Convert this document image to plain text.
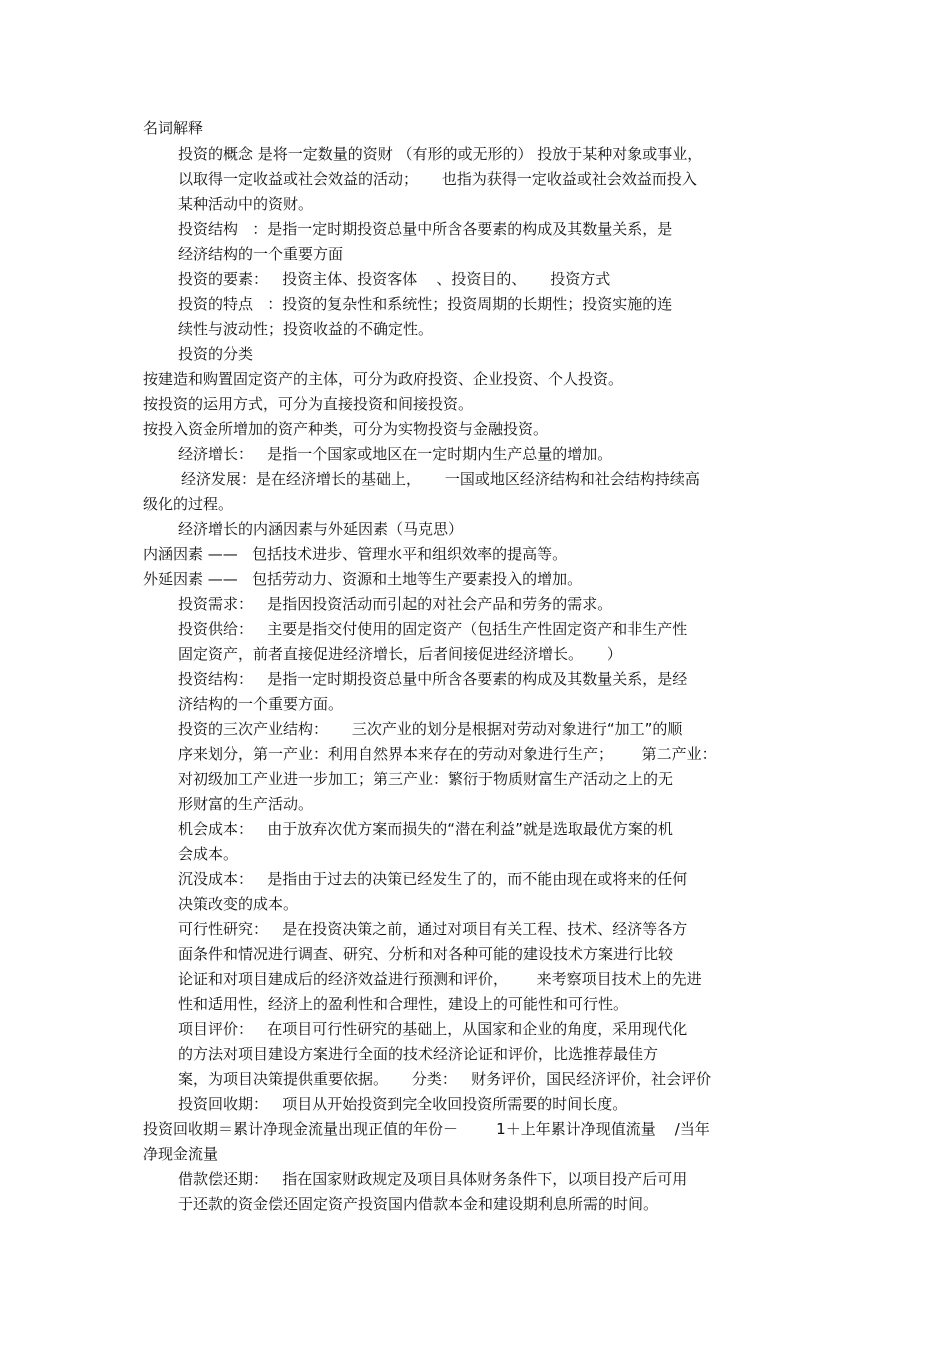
名词解释
投资的概念 是将一定数量的资财 （有形的或无形的） 投放于某种对象或事业，
以取得一定收益或社会效益的活动；     也指为获得一定收益或社会效益而投入
某种活动中的资财。
投资结构   ：是指一定时期投资总量中所含各要素的构成及其数量关系，是
经济结构的一个重要方面
投资的要素：   投资主体、投资客体    、投资目的、     投资方式
投资的特点   ：投资的复杂性和系统性；投资周期的长期性；投资实施的连
续性与波动性；投资收益的不确定性。
投资的分类
按建造和购置固定资产的主体，可分为政府投资、企业投资、个人投资。
按投资的运用方式，可分为直接投资和间接投资。
按投入资金所增加的资产种类，可分为实物投资与金融投资。
经济增长：   是指一个国家或地区在一定时期内生产总量的增加。
经济发展：是在经济增长的基础上，     一国或地区经济结构和社会结构持续高
级化的过程。
经济增长的内涵因素与外延因素（马克思）
内涵因素 ——   包括技术进步、管理水平和组织效率的提高等。
外延因素 ——   包括劳动力、资源和土地等生产要素投入的增加。
投资需求：   是指因投资活动而引起的对社会产品和劳务的需求。
投资供给：   主要是指交付使用的固定资产（包括生产性固定资产和非生产性
固定资产，前者直接促进经济增长，后者间接促进经济增长。     ）
投资结构：   是指一定时期投资总量中所含各要素的构成及其数量关系，是经
济结构的一个重要方面。
投资的三次产业结构：     三次产业的划分是根据对劳动对象进行“加工”的顺
序来划分，第一产业：利用自然界本来存在的劳动对象进行生产；      第二产业：
对初级加工产业进一步加工；第三产业：繁衍于物质财富生产活动之上的无
形财富的生产活动。
机会成本：   由于放弃次优方案而损失的“潜在利益”就是选取最优方案的机
会成本。
沉没成本：   是指由于过去的决策已经发生了的，而不能由现在或将来的任何
决策改变的成本。
可行性研究：   是在投资决策之前，通过对项目有关工程、技术、经济等各方
面条件和情况进行调查、研究、分析和对各种可能的建设技术方案进行比较
论证和对项目建成后的经济效益进行预测和评价，      来考察项目技术上的先进
性和适用性，经济上的盈利性和合理性，建设上的可能性和可行性。
项目评价：   在项目可行性研究的基础上，从国家和企业的角度，采用现代化
的方法对项目建设方案进行全面的技术经济论证和评价，比选推荐最佳方
案，为项目决策提供重要依据。     分类：   财务评价，国民经济评价，社会评价
投资回收期：   项目从开始投资到完全收回投资所需要的时间长度。
投资回收期＝累计净现金流量出现正值的年份－        1＋上年累计净现值流量    /当年
净现金流量
借款偿还期：   指在国家财政规定及项目具体财务条件下，以项目投产后可用
于还款的资金偿还固定资产投资国内借款本金和建设期利息所需的时间。
